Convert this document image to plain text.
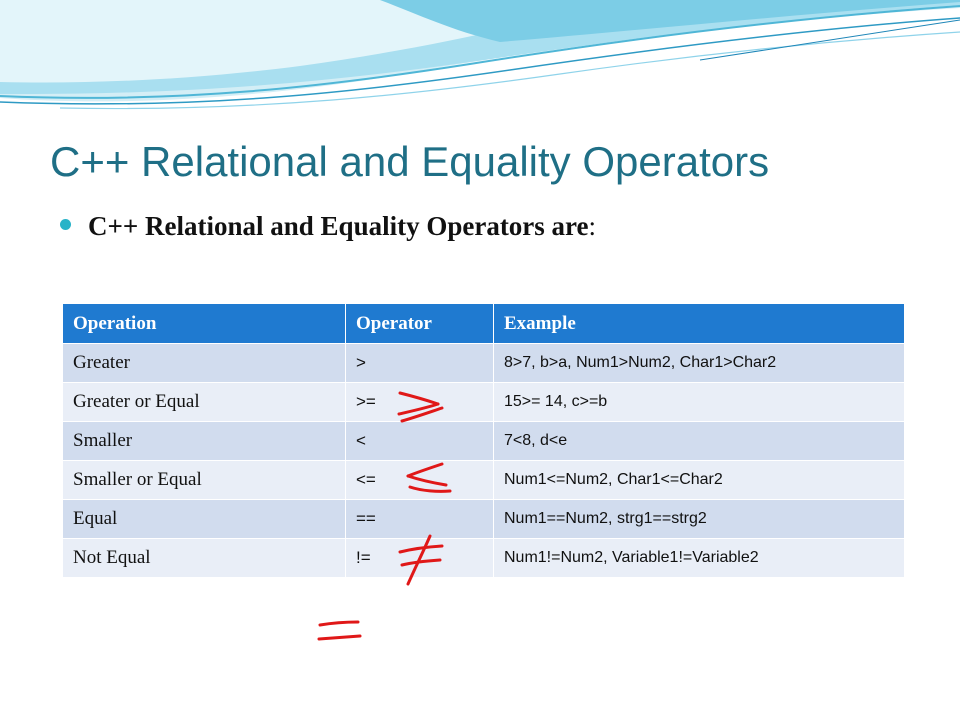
C++ Relational and Equality Operators
C++ Relational and Equality Operators are :
Operation	Operator	Example
Greater	>	8>7, b>a, Num1>Num2, Char1>Char2
Greater or Equal	>=	15>= 14, c>=b
Smaller	<	7<8, d<e
Smaller or Equal	<=	Num1<=Num2, Char1<=Char2
Equal	==	Num1==Num2, strg1==strg2
Not Equal	!=	Num1!=Num2, Variable1!=Variable2
